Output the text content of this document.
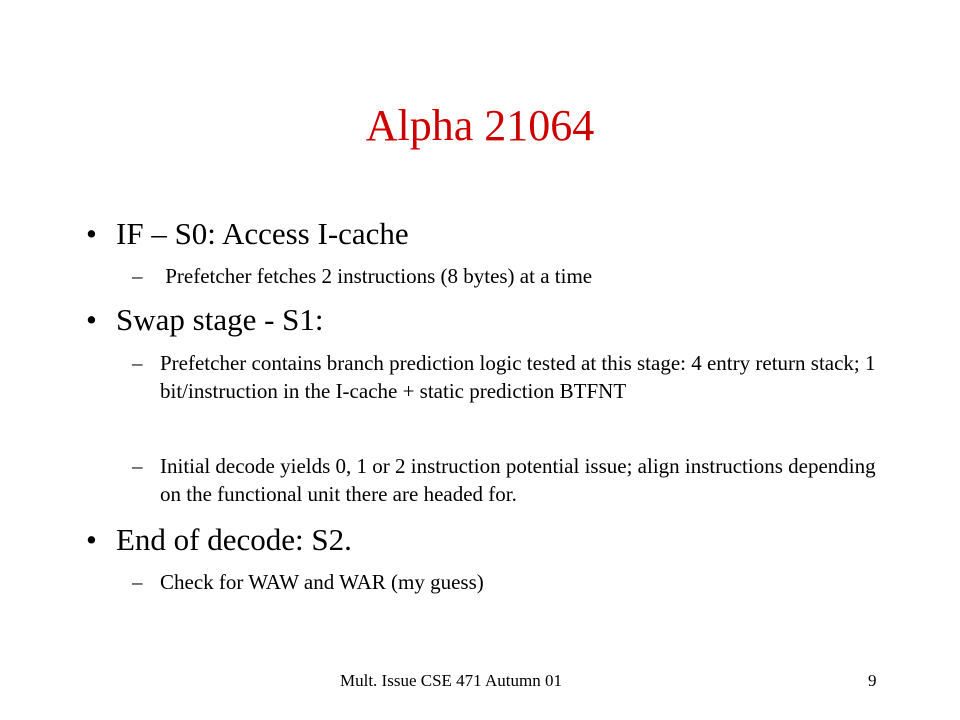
Alpha 21064
• IF – S0: Access I-cache
– Prefetcher fetches 2 instructions (8 bytes) at a time
• Swap stage - S1:
– Prefetcher contains branch prediction logic tested at this stage: 4 entry return stack; 1 bit/instruction in the I-cache + static prediction BTFNT
– Initial decode yields 0, 1 or 2 instruction potential issue; align instructions depending on the functional unit there are headed for.
• End of decode: S2.
– Check for WAW and WAR (my guess)
Mult. Issue CSE 471 Autumn 01	9
